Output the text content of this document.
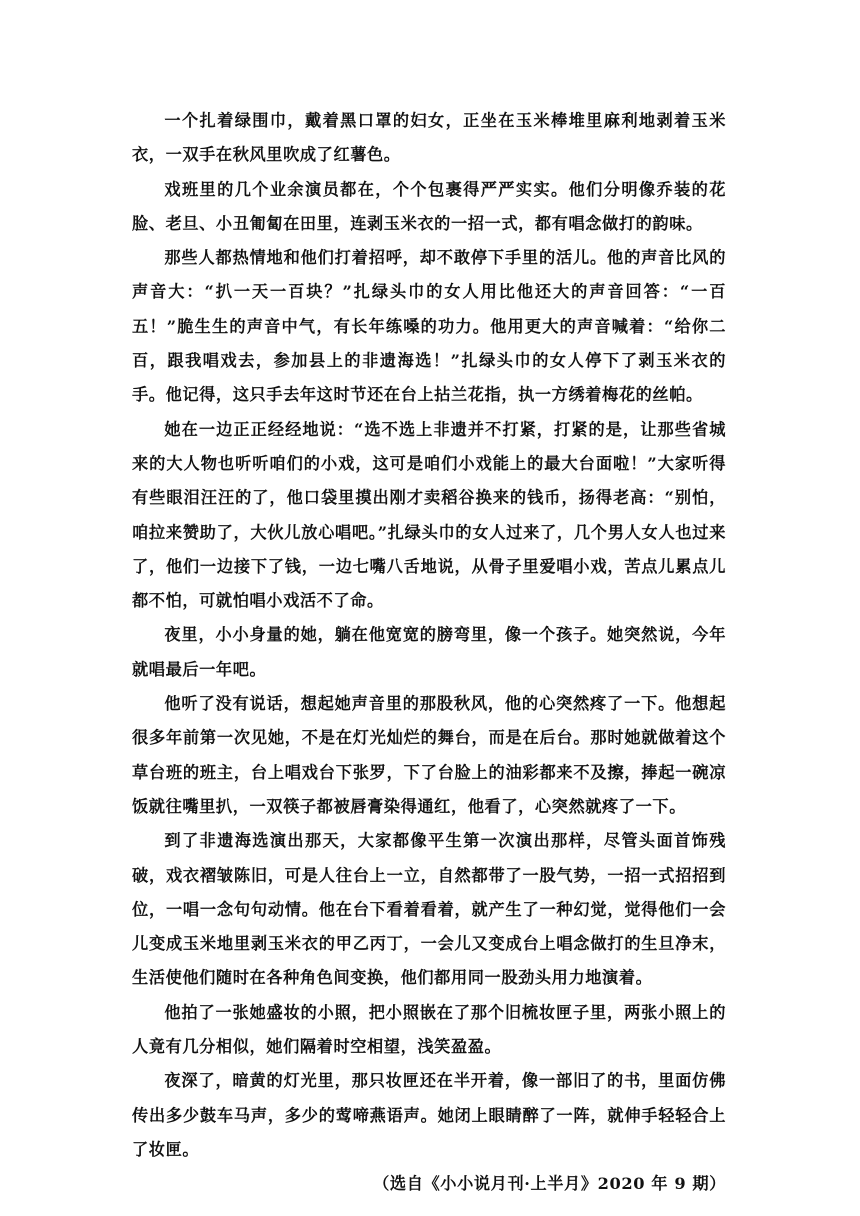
一个扎着绿围巾，戴着黑口罩的妇女，正坐在玉米棒堆里麻利地剥着玉米衣，一双手在秋风里吹成了红薯色。

戏班里的几个业余演员都在，个个包裹得严严实实。他们分明像乔装的花脸、老旦、小丑匍匐在田里，连剥玉米衣的一招一式，都有唱念做打的韵味。

那些人都热情地和他们打着招呼，却不敢停下手里的活儿。他的声音比风的声音大：“扒一天一百块？”扎绿头巾的女人用比他还大的声音回答：“一百五！”脆生生的声音中气，有长年练嗓的功力。他用更大的声音喊着：“给你二百，跟我唱戏去，参加县上的非遗海选！”扎绿头巾的女人停下了剥玉米衣的手。他记得，这只手去年这时节还在台上拈兰花指，执一方绣着梅花的丝帕。

她在一边正正经经地说：“选不选上非遗并不打紧，打紧的是，让那些省城来的大人物也听听咱们的小戏，这可是咱们小戏能上的最大台面啦！”大家听得有些眼泪汪汪的了，他口袋里摸出刚才卖稻谷换来的钱币，扬得老高：“别怕，咱拉来赞助了，大伙儿放心唱吧。”扎绿头巾的女人过来了，几个男人女人也过来了，他们一边接下了钱，一边七嘴八舌地说，从骨子里爱唱小戏，苦点儿累点儿都不怕，可就怕唱小戏活不了命。

夜里，小小身量的她，躺在他宽宽的膀弯里，像一个孩子。她突然说，今年就唱最后一年吧。

他听了没有说话，想起她声音里的那股秋风，他的心突然疼了一下。他想起很多年前第一次见她，不是在灯光灿烂的舞台，而是在后台。那时她就做着这个草台班的班主，台上唱戏台下张罗，下了台脸上的油彩都来不及擦，捧起一碗凉饭就往嘴里扒，一双筷子都被唇膏染得通红，他看了，心突然就疼了一下。

到了非遗海选演出那天，大家都像平生第一次演出那样，尽管头面首饰残破，戏衣褶皱陈旧，可是人往台上一立，自然都带了一股气势，一招一式招招到位，一唱一念句句动情。他在台下看着看着，就产生了一种幻觉，觉得他们一会儿变成玉米地里剥玉米衣的甲乙丙丁，一会儿又变成台上唱念做打的生旦净末，生活使他们随时在各种角色间变换，他们都用同一股劲头用力地演着。

他拍了一张她盛妆的小照，把小照嵌在了那个旧梳妆匣子里，两张小照上的人竟有几分相似，她们隔着时空相望，浅笑盈盈。

夜深了，暗黄的灯光里，那只妆匣还在半开着，像一部旧了的书，里面仿佛传出多少鼓车马声，多少的莺啼燕语声。她闭上眼睛醉了一阵，就伸手轻轻合上了妆匣。

（选自《小小说月刊·上半月》2020 年 9 期）
